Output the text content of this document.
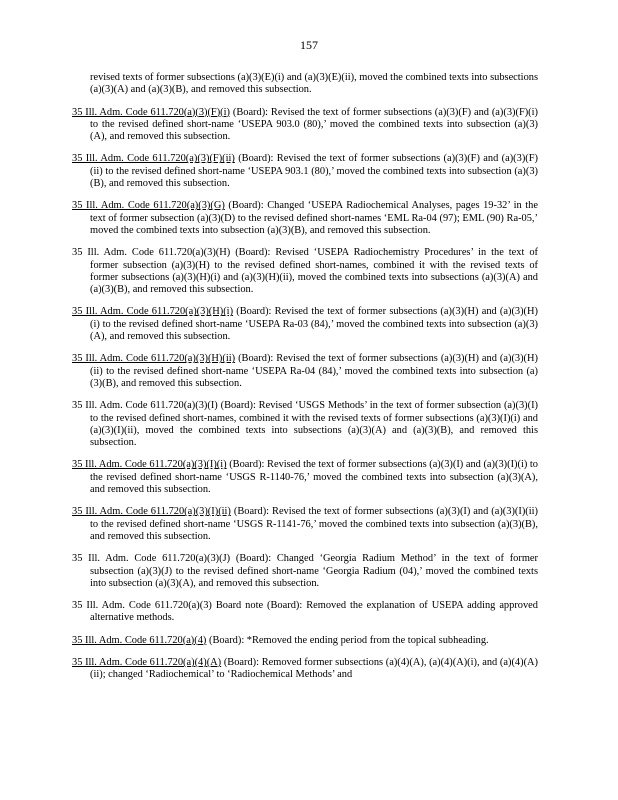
157
revised texts of former subsections (a)(3)(E)(i) and (a)(3)(E)(ii), moved the combined texts into subsections (a)(3)(A) and (a)(3)(B), and removed this subsection.
35 Ill. Adm. Code 611.720(a)(3)(F)(i) (Board): Revised the text of former subsections (a)(3)(F) and (a)(3)(F)(i) to the revised defined short-name ‘USEPA 903.0 (80),’ moved the combined texts into subsection (a)(3)(A), and removed this subsection.
35 Ill. Adm. Code 611.720(a)(3)(F)(ii) (Board): Revised the text of former subsections (a)(3)(F) and (a)(3)(F)(ii) to the revised defined short-name ‘USEPA 903.1 (80),’ moved the combined texts into subsection (a)(3)(B), and removed this subsection.
35 Ill. Adm. Code 611.720(a)(3)(G) (Board): Changed ‘USEPA Radiochemical Analyses, pages 19-32’ in the text of former subsection (a)(3)(D) to the revised defined short-names ‘EML Ra-04 (97); EML (90) Ra-05,’ moved the combined texts into subsection (a)(3)(B), and removed this subsection.
35 Ill. Adm. Code 611.720(a)(3)(H) (Board): Revised ‘USEPA Radiochemistry Procedures’ in the text of former subsection (a)(3)(H) to the revised defined short-names, combined it with the revised texts of former subsections (a)(3)(H)(i) and (a)(3)(H)(ii), moved the combined texts into subsections (a)(3)(A) and (a)(3)(B), and removed this subsection.
35 Ill. Adm. Code 611.720(a)(3)(H)(i) (Board): Revised the text of former subsections (a)(3)(H) and (a)(3)(H)(i) to the revised defined short-name ‘USEPA Ra-03 (84),’ moved the combined texts into subsection (a)(3)(A), and removed this subsection.
35 Ill. Adm. Code 611.720(a)(3)(H)(ii) (Board): Revised the text of former subsections (a)(3)(H) and (a)(3)(H)(ii) to the revised defined short-name ‘USEPA Ra-04 (84),’ moved the combined texts into subsection (a)(3)(B), and removed this subsection.
35 Ill. Adm. Code 611.720(a)(3)(I) (Board): Revised ‘USGS Methods’ in the text of former subsection (a)(3)(I) to the revised defined short-names, combined it with the revised texts of former subsections (a)(3)(I)(i) and (a)(3)(I)(ii), moved the combined texts into subsections (a)(3)(A) and (a)(3)(B), and removed this subsection.
35 Ill. Adm. Code 611.720(a)(3)(I)(i) (Board): Revised the text of former subsections (a)(3)(I) and (a)(3)(I)(i) to the revised defined short-name ‘USGS R-1140-76,’ moved the combined texts into subsection (a)(3)(A), and removed this subsection.
35 Ill. Adm. Code 611.720(a)(3)(I)(ii) (Board): Revised the text of former subsections (a)(3)(I) and (a)(3)(I)(ii) to the revised defined short-name ‘USGS R-1141-76,’ moved the combined texts into subsection (a)(3)(B), and removed this subsection.
35 Ill. Adm. Code 611.720(a)(3)(J) (Board): Changed ‘Georgia Radium Method’ in the text of former subsection (a)(3)(J) to the revised defined short-name ‘Georgia Radium (04),’ moved the combined texts into subsection (a)(3)(A), and removed this subsection.
35 Ill. Adm. Code 611.720(a)(3) Board note (Board): Removed the explanation of USEPA adding approved alternative methods.
35 Ill. Adm. Code 611.720(a)(4) (Board): *Removed the ending period from the topical subheading.
35 Ill. Adm. Code 611.720(a)(4)(A) (Board): Removed former subsections (a)(4)(A), (a)(4)(A)(i), and (a)(4)(A)(ii); changed ‘Radiochemical’ to ‘Radiochemical Methods’ and
